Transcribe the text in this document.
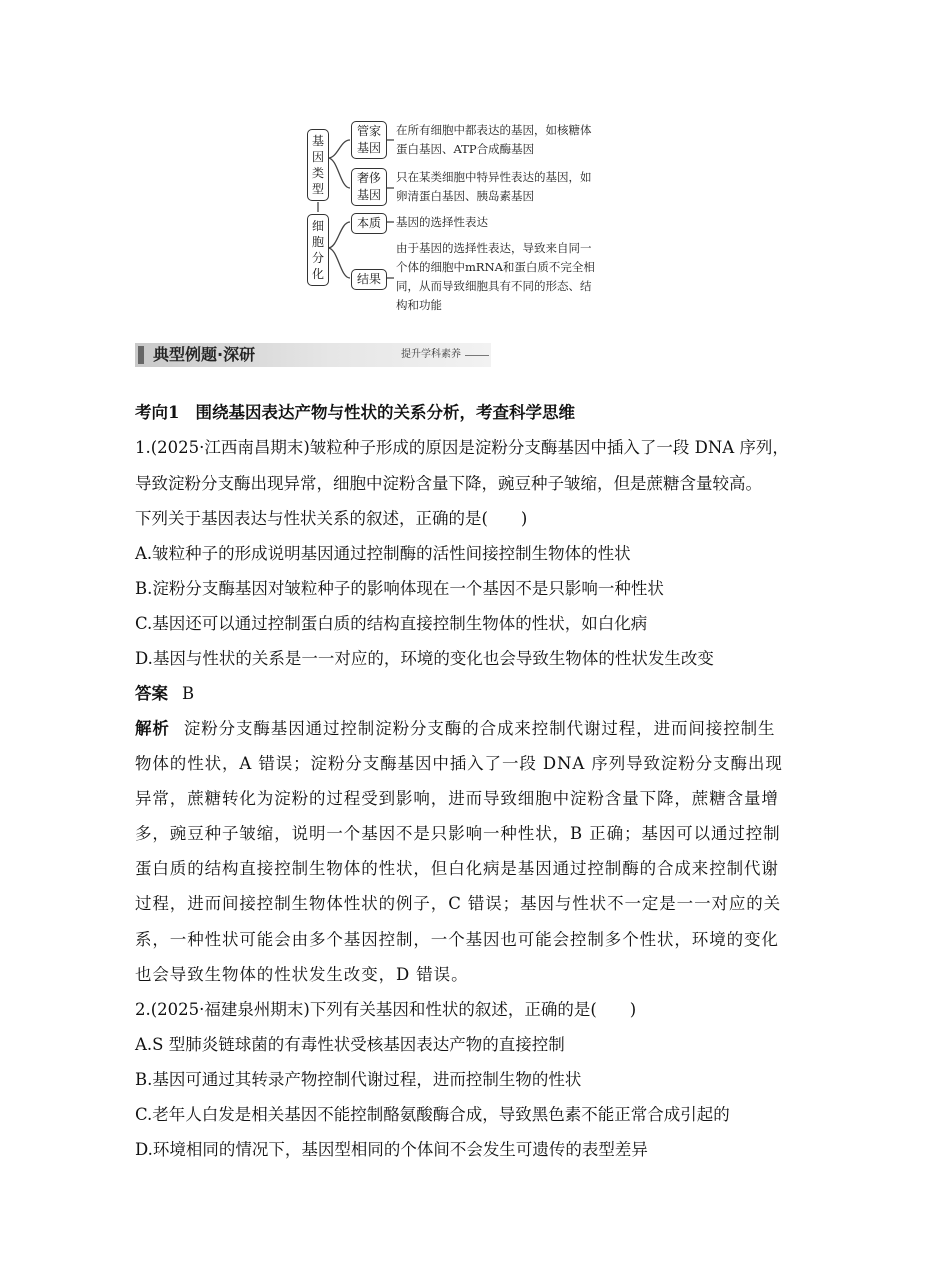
基
因
类
型
细
胞
分
化
管家
基因
奢侈
基因
本质
结果
在所有细胞中都表达的基因，如核糖体
蛋白基因、ATP合成酶基因
只在某类细胞中特异性表达的基因，如
卵清蛋白基因、胰岛素基因
基因的选择性表达
由于基因的选择性表达，导致来自同一
个体的细胞中mRNA和蛋白质不完全相
同，从而导致细胞具有不同的形态、结
构和功能
典型例题·深研	提升学科素养
考向1 围绕基因表达产物与性状的关系分析，考查科学思维
1.(2025·江西南昌期末)皱粒种子形成的原因是淀粉分支酶基因中插入了一段 DNA 序列，
导致淀粉分支酶出现异常，细胞中淀粉含量下降，豌豆种子皱缩，但是蔗糖含量较高。
下列关于基因表达与性状关系的叙述，正确的是(　　)
A.皱粒种子的形成说明基因通过控制酶的活性间接控制生物体的性状
B.淀粉分支酶基因对皱粒种子的影响体现在一个基因不是只影响一种性状
C.基因还可以通过控制蛋白质的结构直接控制生物体的性状，如白化病
D.基因与性状的关系是一一对应的，环境的变化也会导致生物体的性状发生改变
答案 B
解析 淀粉分支酶基因通过控制淀粉分支酶的合成来控制代谢过程，进而间接控制生
物体的性状，A 错误；淀粉分支酶基因中插入了一段 DNA 序列导致淀粉分支酶出现
异常，蔗糖转化为淀粉的过程受到影响，进而导致细胞中淀粉含量下降，蔗糖含量增
多，豌豆种子皱缩，说明一个基因不是只影响一种性状，B 正确；基因可以通过控制
蛋白质的结构直接控制生物体的性状，但白化病是基因通过控制酶的合成来控制代谢
过程，进而间接控制生物体性状的例子，C 错误；基因与性状不一定是一一对应的关
系，一种性状可能会由多个基因控制，一个基因也可能会控制多个性状，环境的变化
也会导致生物体的性状发生改变，D 错误。
2.(2025·福建泉州期末)下列有关基因和性状的叙述，正确的是(　　)
A.S 型肺炎链球菌的有毒性状受核基因表达产物的直接控制
B.基因可通过其转录产物控制代谢过程，进而控制生物的性状
C.老年人白发是相关基因不能控制酪氨酸酶合成，导致黑色素不能正常合成引起的
D.环境相同的情况下，基因型相同的个体间不会发生可遗传的表型差异
